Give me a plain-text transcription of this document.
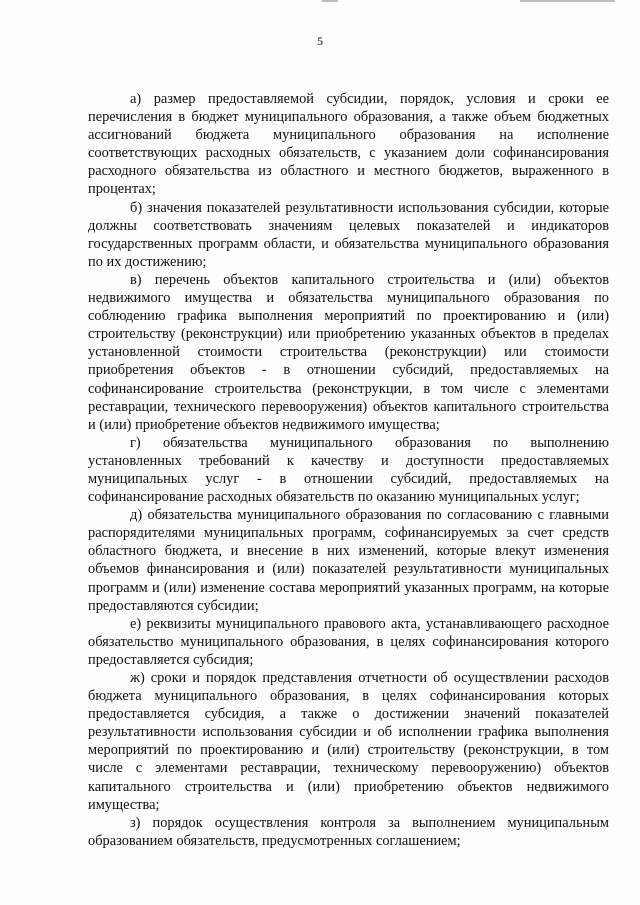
5

а) размер предоставляемой субсидии, порядок, условия и сроки ее перечисления в бюджет муниципального образования, а также объем бюджетных ассигнований бюджета муниципального образования на исполнение соответствующих расходных обязательств, с указанием доли софинансирования расходного обязательства из областного и местного бюджетов, выраженного в процентах;

б) значения показателей результативности использования субсидии, которые должны соответствовать значениям целевых показателей и индикаторов государственных программ области, и обязательства муниципального образования по их достижению;

в) перечень объектов капитального строительства и (или) объектов недвижимого имущества и обязательства муниципального образования по соблюдению графика выполнения мероприятий по проектированию и (или) строительству (реконструкции) или приобретению указанных объектов в пределах установленной стоимости строительства (реконструкции) или стоимости приобретения объектов - в отношении субсидий, предоставляемых на софинансирование строительства (реконструкции, в том числе с элементами реставрации, технического перевооружения) объектов капитального строительства и (или) приобретение объектов недвижимого имущества;

г) обязательства муниципального образования по выполнению установленных требований к качеству и доступности предоставляемых муниципальных услуг - в отношении субсидий, предоставляемых на софинансирование расходных обязательств по оказанию муниципальных услуг;

д) обязательства муниципального образования по согласованию с главными распорядителями муниципальных программ, софинансируемых за счет средств областного бюджета, и внесение в них изменений, которые влекут изменения объемов финансирования и (или) показателей результативности муниципальных программ и (или) изменение состава мероприятий указанных программ, на которые предоставляются субсидии;

е) реквизиты муниципального правового акта, устанавливающего расходное обязательство муниципального образования, в целях софинансирования которого предоставляется субсидия;

ж) сроки и порядок представления отчетности об осуществлении расходов бюджета муниципального образования, в целях софинансирования которых предоставляется субсидия, а также о достижении значений показателей результативности использования субсидии и об исполнении графика выполнения мероприятий по проектированию и (или) строительству (реконструкции, в том числе с элементами реставрации, техническому перевооружению) объектов капитального строительства и (или) приобретению объектов недвижимого имущества;

з) порядок осуществления контроля за выполнением муниципальным образованием обязательств, предусмотренных соглашением;
